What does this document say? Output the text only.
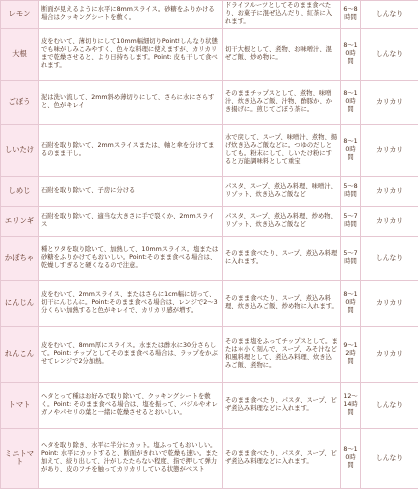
レモン	断面が見えるように水平に8mmスライス。砂糖をふりかける場合はクッキングシートを敷く。	ドライフルーツとしてそのまま食べたり、お菓子に混ぜ込んだり、紅茶に入れます。	6〜8時間	しんなり
大根	皮をむいて、薄切りにして10mm幅細切りPoint!しんなり状態でも味がしみこみやすく、色々な料理に使えますが、カリカリまで乾燥させると、より日持ちします。Point: 皮も干して食べれます。	切干大根として、煮物、お味噌汁、混ぜご飯、炒め物に。	8〜10時間	しんなり
ごぼう	泥は洗い流して、2mm斜め薄切りにして、さらに水にさらすと、色がキレイ	そのままチップスとして、煮物、味噌汁、炊き込みご飯、汁物、酢豚か、かき揚げに。煎じてごぼう茶に。	8〜10時間	カリカリ
しいたけ	石附を取り除いて、2mmスライスまたは、軸と傘を分けてまるのまま干し。	水で戻して、スープ、味噌汁、煮物、揚げ炊き込みご飯などに。つゆのだしとしても。粉末にして、しいたけ粉にすると万能調味料として重宝	8〜10時間	カリカリ
しめじ	石附を取り除いて、子房に分ける	パスタ、スープ、煮込み料理、味噌汁、リゾット、炊き込みご飯など	5〜8時間	カリカリ
エリンギ	石附を取り除いて、適当な大きさに手で裂くか、2mmスライス	パスタ、スープ、煮込み料理、炒め物、リゾット、炊き込みご飯など	5〜7時間	カリカリ
かぼちゃ	種とワタを取り除いて、加熱して、10mmスライス。塩または砂糖をふりかけてもおいしい。Point:そのまま食べる場合は、乾燥しすぎると硬くなるので注意。	そのまま食べたり、スープ、煮込み料理に入れます。	5〜7時間	しんなり
にんじん	皮をむいて、2mmスライス、またはさらに1cm幅に切って、切干にんじんに。Point:そのまま食べる場合は、レンジで2〜3分くらい加熱すると色がキレイで、カリカリ感が増す。	そのまま食べたり、スープ、煮込み料理、炊き込みご飯、炒め物に入れます。	8〜10時間	カリカリ
れんこん	皮をむいて、8mm厚にスライス。水または酢水に30分さらして。Point: チップとしてそのまま食べる場合は、ラップをかぶせてレンジで2分加熱。	そのまま塩をふってチップスとして。または＊小く刻んで、スープ、みそ汁など和風料理として、煮込み料理、炊き込みご飯、煮物に。	9〜12時間	カリカリ
トマト	ヘタとって種はお好みで取り除いて、クッキングシートを敷く。Point: そのまま食べる場合は、塩を振って、バジルやオレガノやパセリの葉と一緒に乾燥させるとおいしい。	そのまま食べたり、パスタ、スープ、ピザ煮込み料理などに入れます。	12〜14時間	しんなり
ミニトマト	ヘタを取り除き、水平に半分にカット。塩ふってもおいしい。Point: 水平にカットすると、断面がきれいで乾燥も速い。また加えて、絞り出して、汁がしたたらない程度、指で押して弾力があり、皮のフチを触ってカリカリしている状態がベスト	そのまま食べたり、パスタ、スープ、ピザ煮込み料理などに入れます。	8〜10時間	しんなり
